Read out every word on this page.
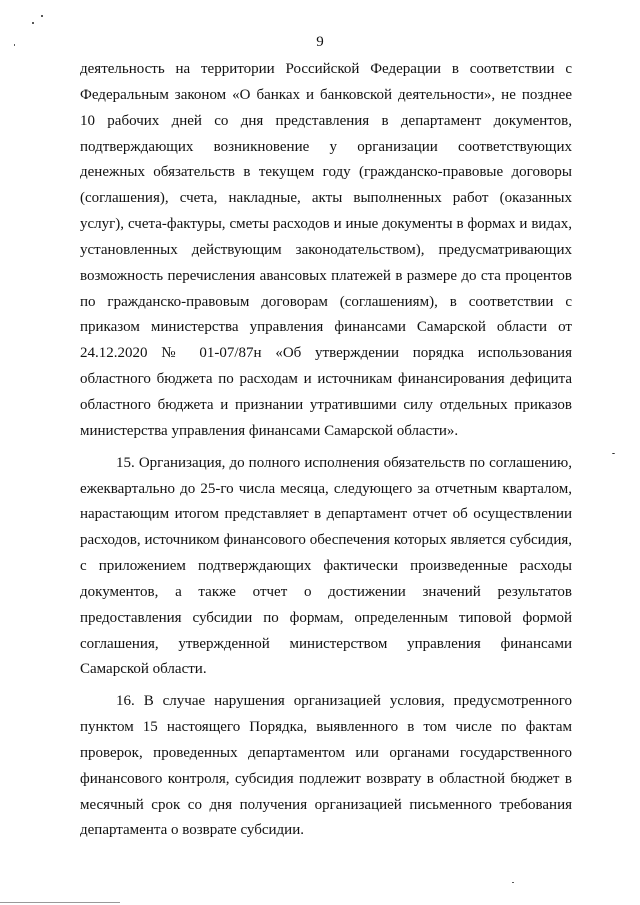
9

деятельность на территории Российской Федерации в соответствии с Федеральным законом «О банках и банковской деятельности», не позднее 10 рабочих дней со дня представления в департамент документов, подтверждающих возникновение у организации соответствующих денежных обязательств в текущем году (гражданско-правовые договоры (соглашения), счета, накладные, акты выполненных работ (оказанных услуг), счета-фактуры, сметы расходов и иные документы в формах и видах, установленных действующим законодательством), предусматривающих возможность перечисления авансовых платежей в размере до ста процентов по гражданско-правовым договорам (соглашениям), в соответствии с приказом министерства управления финансами Самарской области от 24.12.2020 № 01-07/87н «Об утверждении порядка использования областного бюджета по расходам и источникам финансирования дефицита областного бюджета и признании утратившими силу отдельных приказов министерства управления финансами Самарской области».

15. Организация, до полного исполнения обязательств по соглашению, ежеквартально до 25-го числа месяца, следующего за отчетным кварталом, нарастающим итогом представляет в департамент отчет об осуществлении расходов, источником финансового обеспечения которых является субсидия, с приложением подтверждающих фактически произведенные расходы документов, а также отчет о достижении значений результатов предоставления субсидии по формам, определенным типовой формой соглашения, утвержденной министерством управления финансами Самарской области.

16. В случае нарушения организацией условия, предусмотренного пунктом 15 настоящего Порядка, выявленного в том числе по фактам проверок, проведенных департаментом или органами государственного финансового контроля, субсидия подлежит возврату в областной бюджет в месячный срок со дня получения организацией письменного требования департамента о возврате субсидии.
